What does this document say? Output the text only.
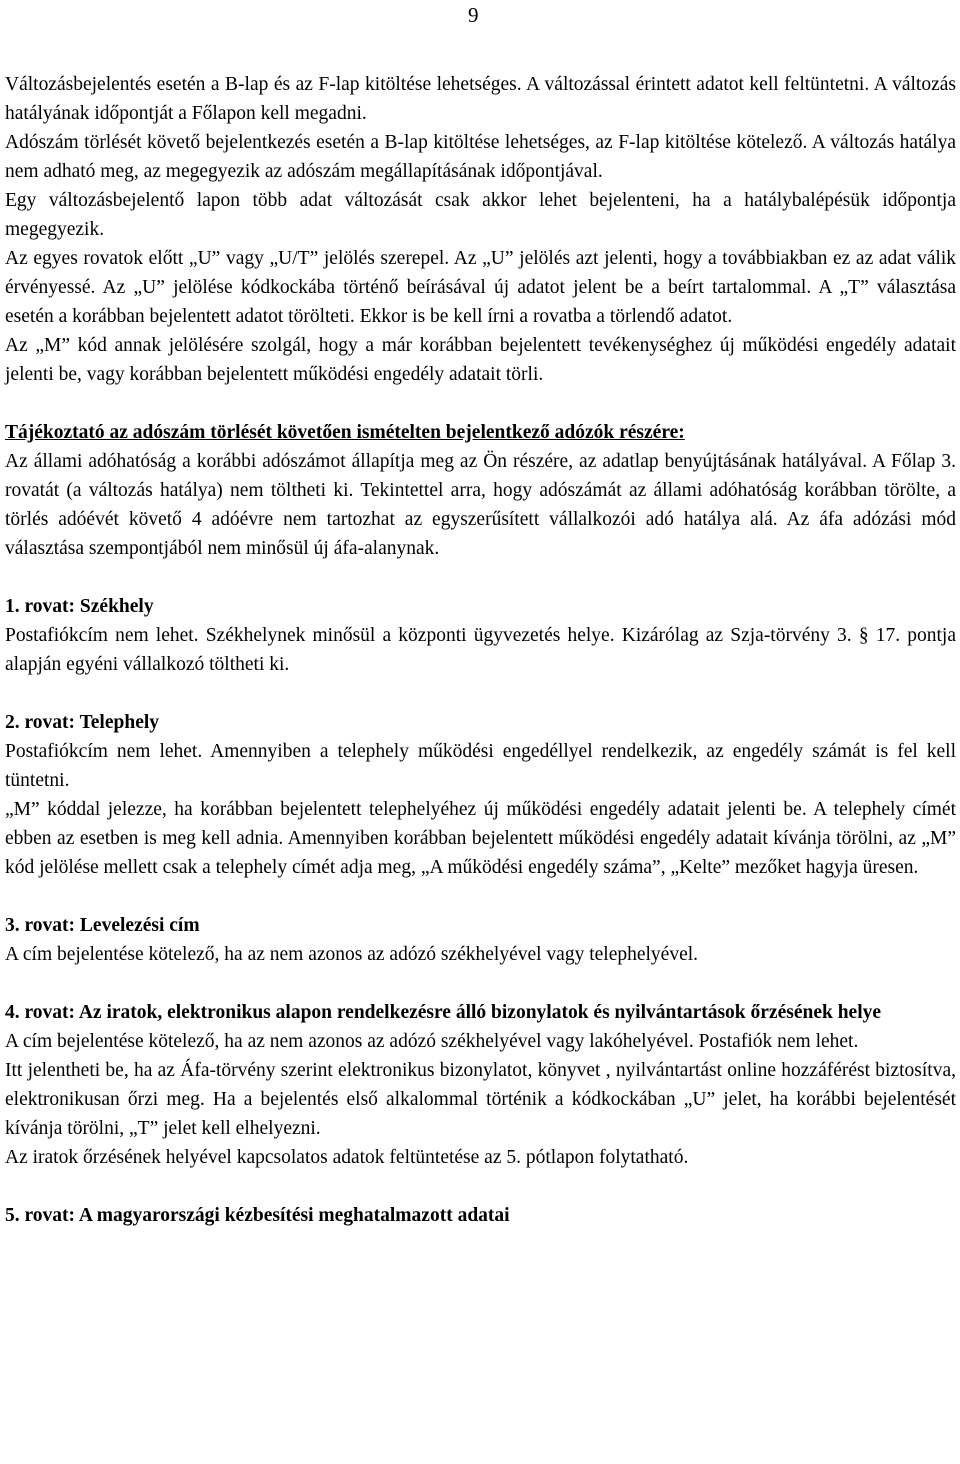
9

Változásbejelentés esetén a B-lap és az F-lap kitöltése lehetséges. A változással érintett adatot kell feltüntetni. A változás hatályának időpontját a Főlapon kell megadni.

Adószám törlését követő bejelentkezés esetén a B-lap kitöltése lehetséges, az F-lap kitöltése kötelező. A változás hatálya nem adható meg, az megegyezik az adószám megállapításának időpontjával.

Egy változásbejelentő lapon több adat változását csak akkor lehet bejelenteni, ha a hatálybalépésük időpontja megegyezik.

Az egyes rovatok előtt „U” vagy „U/T” jelölés szerepel. Az „U” jelölés azt jelenti, hogy a továbbiakban ez az adat válik érvényessé. Az „U” jelölése kódkockába történő beírásával új adatot jelent be a beírt tartalommal. A „T” választása esetén a korábban bejelentett adatot törölteti. Ekkor is be kell írni a rovatba a törlendő adatot.

Az „M” kód annak jelölésére szolgál, hogy a már korábban bejelentett tevékenységhez új működési engedély adatait jelenti be, vagy korábban bejelentett működési engedély adatait törli.

Tájékoztató az adószám törlését követően ismételten bejelentkező adózók részére:

Az állami adóhatóság a korábbi adószámot állapítja meg az Ön részére, az adatlap benyújtásának hatályával. A Főlap 3. rovatát (a változás hatálya) nem töltheti ki. Tekintettel arra, hogy adószámát az állami adóhatóság korábban törölte, a törlés adóévét követő 4 adóévre nem tartozhat az egyszerűsített vállalkozói adó hatálya alá. Az áfa adózási mód választása szempontjából nem minősül új áfa-alanynak.

1. rovat: Székhely

Postafiókcím nem lehet. Székhelynek minősül a központi ügyvezetés helye. Kizárólag az Szja-törvény 3. § 17. pontja alapján egyéni vállalkozó töltheti ki.

2. rovat: Telephely

Postafiókcím nem lehet. Amennyiben a telephely működési engedéllyel rendelkezik, az engedély számát is fel kell tüntetni.

„M” kóddal jelezze, ha korábban bejelentett telephelyéhez új működési engedély adatait jelenti be. A telephely címét ebben az esetben is meg kell adnia. Amennyiben korábban bejelentett működési engedély adatait kívánja törölni, az „M” kód jelölése mellett csak a telephely címét adja meg, „A működési engedély száma”, „Kelte” mezőket hagyja üresen.

3. rovat: Levelezési cím

A cím bejelentése kötelező, ha az nem azonos az adózó székhelyével vagy telephelyével.

4. rovat: Az iratok, elektronikus alapon rendelkezésre álló bizonylatok és nyilvántartások őrzésének helye

A cím bejelentése kötelező, ha az nem azonos az adózó székhelyével vagy lakóhelyével. Postafiók nem lehet.

Itt jelentheti be, ha az Áfa-törvény szerint elektronikus bizonylatot, könyvet , nyilvántartást online hozzáférést biztosítva, elektronikusan őrzi meg. Ha a bejelentés első alkalommal történik a kódkockában „U” jelet, ha korábbi bejelentését kívánja törölni, „T” jelet kell elhelyezni.

Az iratok őrzésének helyével kapcsolatos adatok feltüntetése az 5. pótlapon folytatható.

5. rovat: A magyarországi kézbesítési meghatalmazott adatai
